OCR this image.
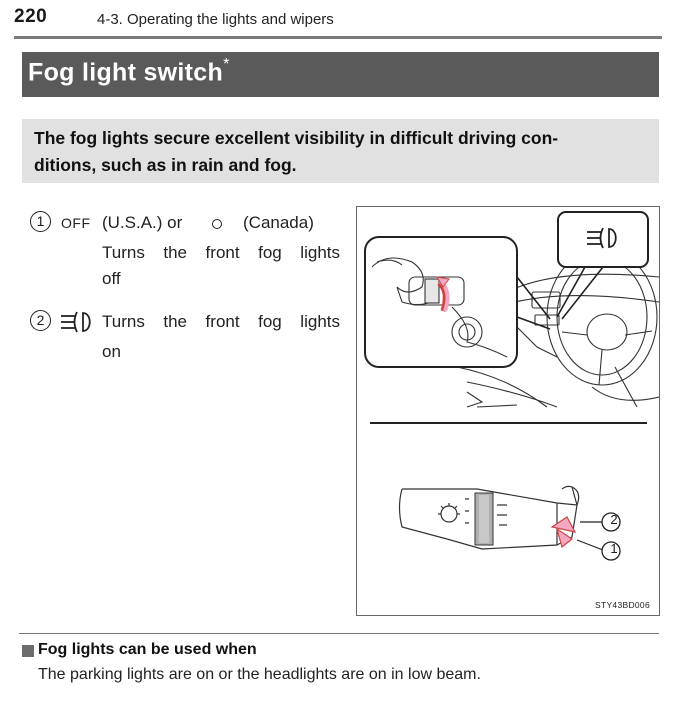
220	4-3. Operating the lights and wipers
Fog light switch*
The fog lights secure excellent visibility in difficult driving con-
ditions, such as in rain and fog.
1	OFF (U.S.A.) or	(Canada)
Turns the front fog lights
off
2	Turns the front fog lights
on
2
1
STY43BD006
Fog lights can be used when
The parking lights are on or the headlights are on in low beam.
